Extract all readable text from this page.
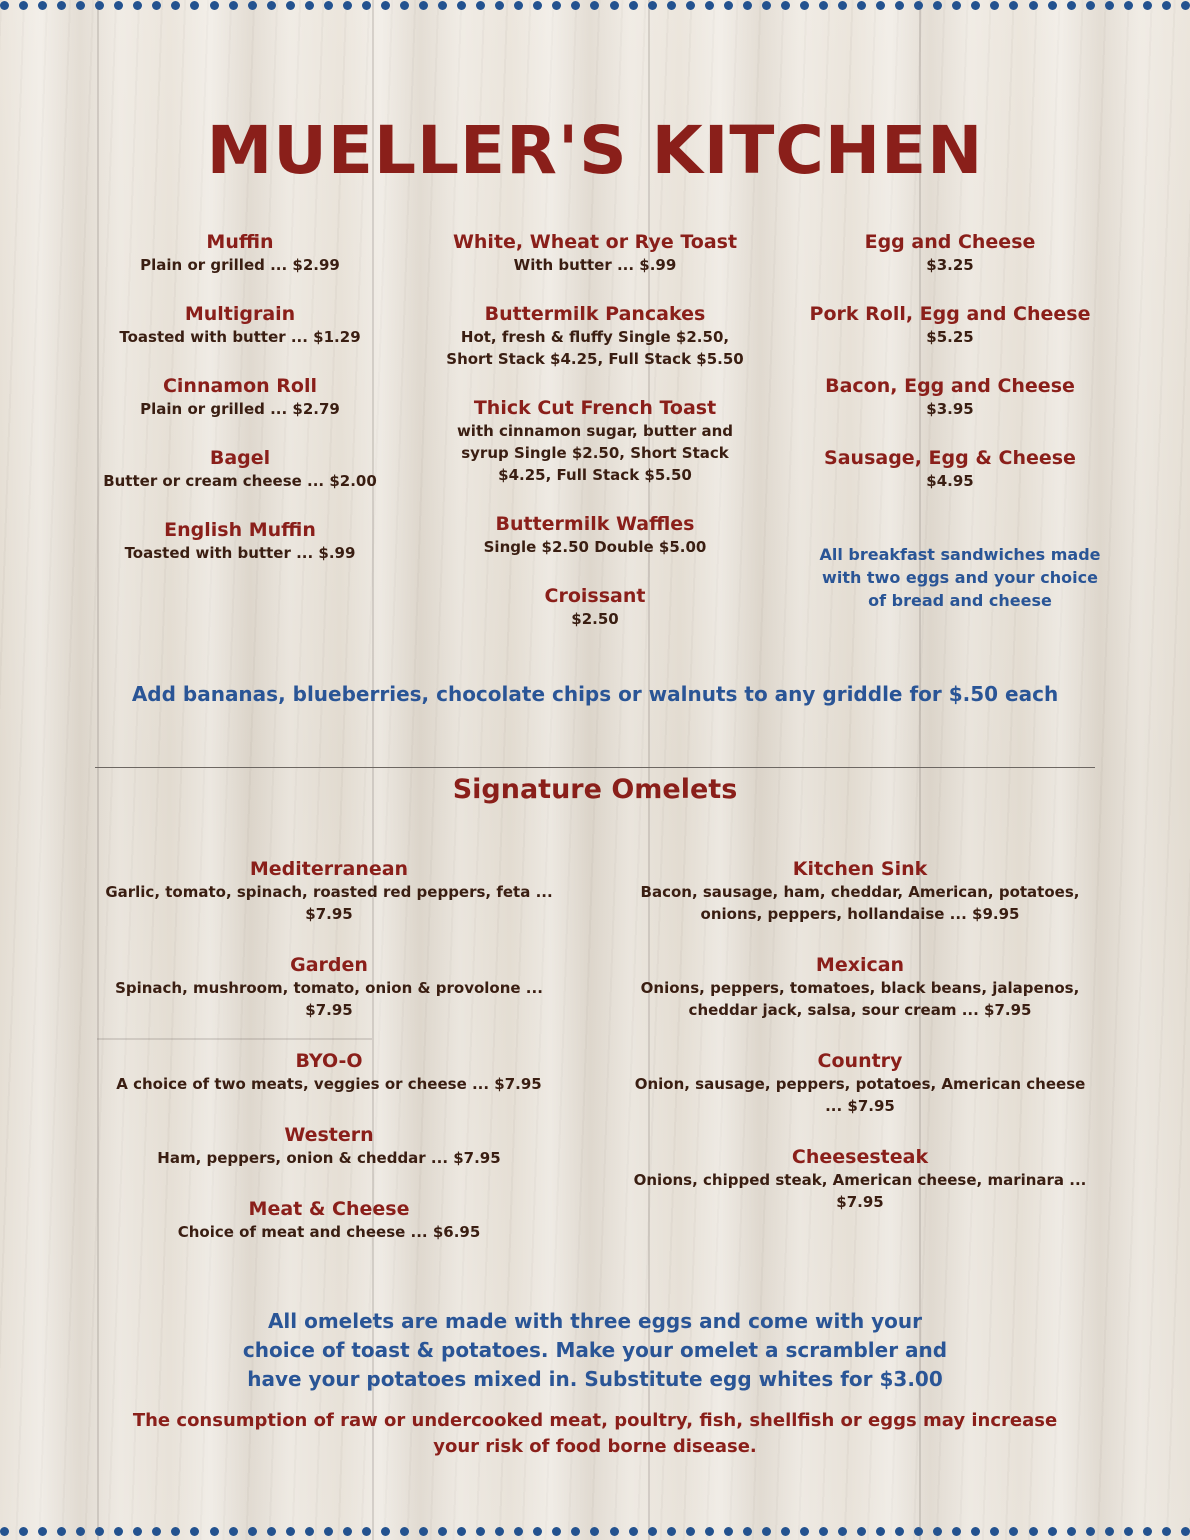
MUELLER'S KITCHEN
Muffin
Plain or grilled ... $2.99
Multigrain
Toasted with butter ... $1.29
Cinnamon Roll
Plain or grilled ... $2.79
Bagel
Butter or cream cheese ... $2.00
English Muffin
Toasted with butter ... $.99
White, Wheat or Rye Toast
With butter ... $.99
Buttermilk Pancakes
Hot, fresh & fluffy Single $2.50, Short Stack $4.25, Full Stack $5.50
Thick Cut French Toast
with cinnamon sugar, butter and syrup Single $2.50, Short Stack $4.25, Full Stack $5.50
Buttermilk Waffles
Single $2.50 Double $5.00
Croissant
$2.50
Egg and Cheese
$3.25
Pork Roll, Egg and Cheese
$5.25
Bacon, Egg and Cheese
$3.95
Sausage, Egg & Cheese
$4.95
All breakfast sandwiches made with two eggs and your choice of bread and cheese
Add bananas, blueberries, chocolate chips or walnuts to any griddle for $.50 each
Signature Omelets
Mediterranean
Garlic, tomato, spinach, roasted red peppers, feta ... $7.95
Garden
Spinach, mushroom, tomato, onion & provolone ... $7.95
BYO-O
A choice of two meats, veggies or cheese ... $7.95
Western
Ham, peppers, onion & cheddar ... $7.95
Meat & Cheese
Choice of meat and cheese ... $6.95
Kitchen Sink
Bacon, sausage, ham, cheddar, American, potatoes, onions, peppers, hollandaise ... $9.95
Mexican
Onions, peppers, tomatoes, black beans, jalapenos, cheddar jack, salsa, sour cream ... $7.95
Country
Onion, sausage, peppers, potatoes, American cheese ... $7.95
Cheesesteak
Onions, chipped steak, American cheese, marinara ... $7.95
All omelets are made with three eggs and come with your choice of toast & potatoes. Make your omelet a scrambler and have your potatoes mixed in. Substitute egg whites for $3.00
The consumption of raw or undercooked meat, poultry, fish, shellfish or eggs may increase your risk of food borne disease.
